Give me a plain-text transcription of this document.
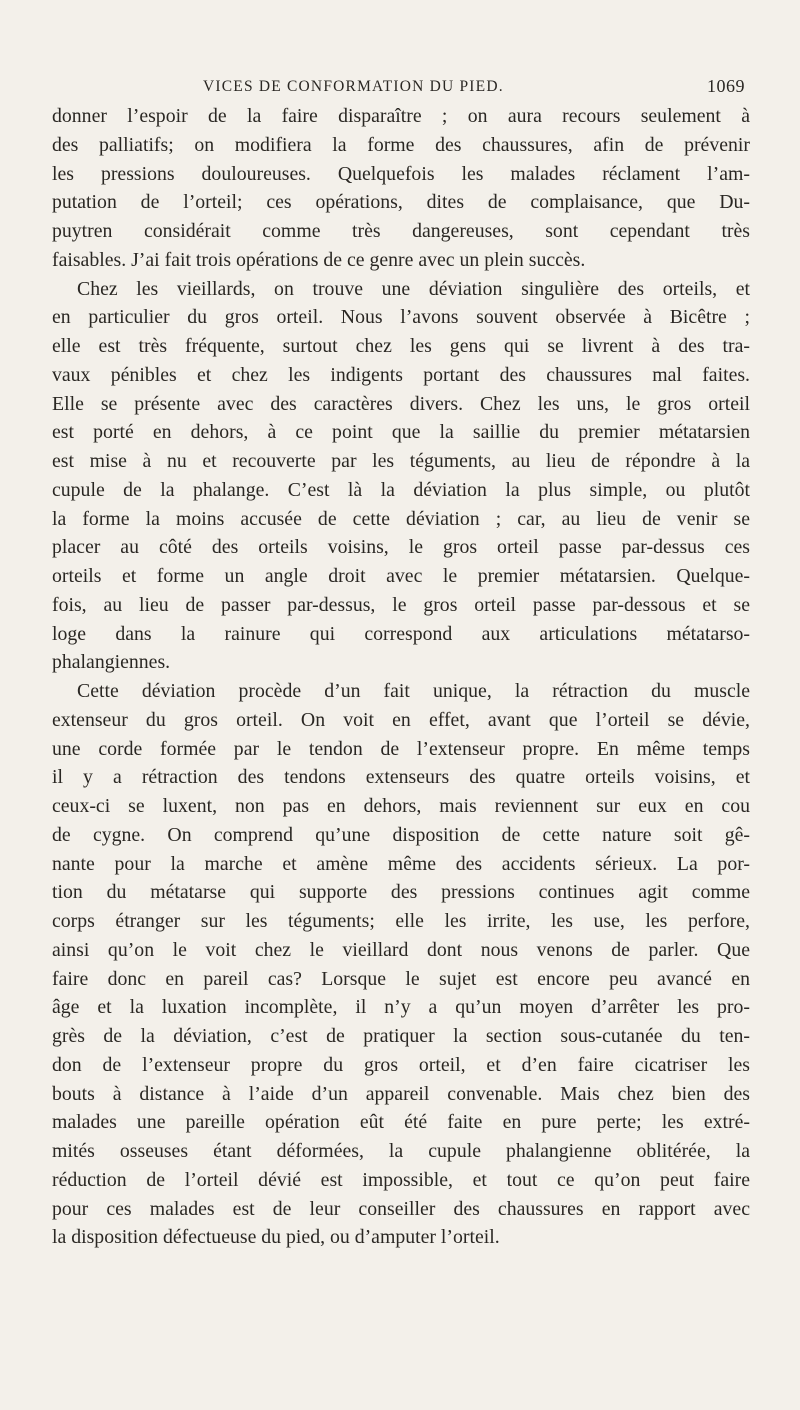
VICES DE CONFORMATION DU PIED.	1069
donner l’espoir de la faire disparaître ; on aura recours seulement à
des palliatifs; on modifiera la forme des chaussures, afin de prévenir
les pressions douloureuses. Quelquefois les malades réclament l’am-
putation de l’orteil; ces opérations, dites de complaisance, que Du-
puytren considérait comme très dangereuses, sont cependant très
faisables. J’ai fait trois opérations de ce genre avec un plein succès.
Chez les vieillards, on trouve une déviation singulière des orteils, et
en particulier du gros orteil. Nous l’avons souvent observée à Bicêtre ;
elle est très fréquente, surtout chez les gens qui se livrent à des tra-
vaux pénibles et chez les indigents portant des chaussures mal faites.
Elle se présente avec des caractères divers. Chez les uns, le gros orteil
est porté en dehors, à ce point que la saillie du premier métatarsien
est mise à nu et recouverte par les téguments, au lieu de répondre à la
cupule de la phalange. C’est là la déviation la plus simple, ou plutôt
la forme la moins accusée de cette déviation ; car, au lieu de venir se
placer au côté des orteils voisins, le gros orteil passe par-dessus ces
orteils et forme un angle droit avec le premier métatarsien. Quelque-
fois, au lieu de passer par-dessus, le gros orteil passe par-dessous et se
loge dans la rainure qui correspond aux articulations métatarso-
phalangiennes.
Cette déviation procède d’un fait unique, la rétraction du muscle
extenseur du gros orteil. On voit en effet, avant que l’orteil se dévie,
une corde formée par le tendon de l’extenseur propre. En même temps
il y a rétraction des tendons extenseurs des quatre orteils voisins, et
ceux-ci se luxent, non pas en dehors, mais reviennent sur eux en cou
de cygne. On comprend qu’une disposition de cette nature soit gê-
nante pour la marche et amène même des accidents sérieux. La por-
tion du métatarse qui supporte des pressions continues agit comme
corps étranger sur les téguments; elle les irrite, les use, les perfore,
ainsi qu’on le voit chez le vieillard dont nous venons de parler. Que
faire donc en pareil cas? Lorsque le sujet est encore peu avancé en
âge et la luxation incomplète, il n’y a qu’un moyen d’arrêter les pro-
grès de la déviation, c’est de pratiquer la section sous-cutanée du ten-
don de l’extenseur propre du gros orteil, et d’en faire cicatriser les
bouts à distance à l’aide d’un appareil convenable. Mais chez bien des
malades une pareille opération eût été faite en pure perte; les extré-
mités osseuses étant déformées, la cupule phalangienne oblitérée, la
réduction de l’orteil dévié est impossible, et tout ce qu’on peut faire
pour ces malades est de leur conseiller des chaussures en rapport avec
la disposition défectueuse du pied, ou d’amputer l’orteil.
